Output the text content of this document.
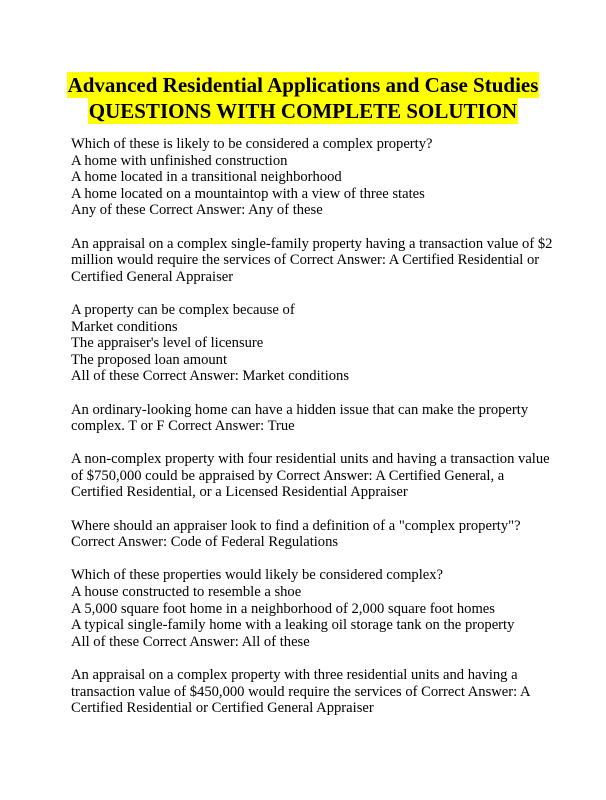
Advanced Residential Applications and Case Studies
QUESTIONS WITH COMPLETE SOLUTION
Which of these is likely to be considered a complex property?
A home with unfinished construction
A home located in a transitional neighborhood
A home located on a mountaintop with a view of three states
Any of these Correct Answer: Any of these
An appraisal on a complex single-family property having a transaction value of $2
million would require the services of Correct Answer: A Certified Residential or
Certified General Appraiser
A property can be complex because of
Market conditions
The appraiser's level of licensure
The proposed loan amount
All of these Correct Answer: Market conditions
An ordinary-looking home can have a hidden issue that can make the property
complex. T or F Correct Answer: True
A non-complex property with four residential units and having a transaction value
of $750,000 could be appraised by Correct Answer: A Certified General, a
Certified Residential, or a Licensed Residential Appraiser
Where should an appraiser look to find a definition of a "complex property"?
Correct Answer: Code of Federal Regulations
Which of these properties would likely be considered complex?
A house constructed to resemble a shoe
A 5,000 square foot home in a neighborhood of 2,000 square foot homes
A typical single-family home with a leaking oil storage tank on the property
All of these Correct Answer: All of these
An appraisal on a complex property with three residential units and having a
transaction value of $450,000 would require the services of Correct Answer: A
Certified Residential or Certified General Appraiser
